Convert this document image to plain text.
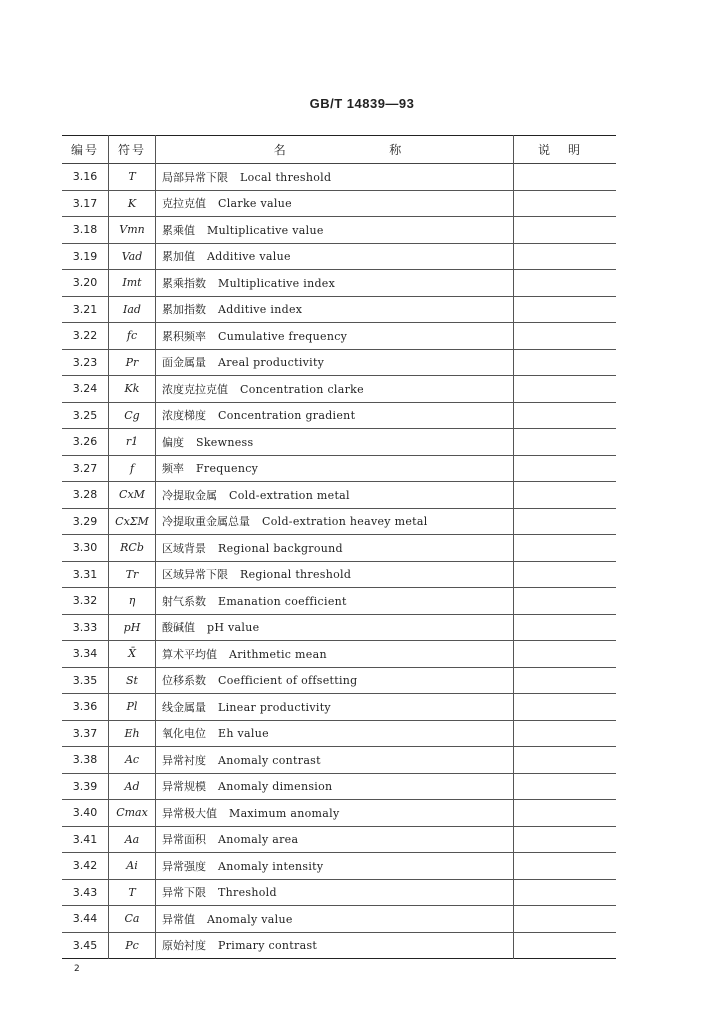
GB/T 14839—93
编号	符号	名 称	说明
3.16	T	局部异常下限 Local threshold	
3.17	K	克拉克值 Clarke value	
3.18	Vmn	累乘值 Multiplicative value	
3.19	Vad	累加值 Additive value	
3.20	Imt	累乘指数 Multiplicative index	
3.21	Iad	累加指数 Additive index	
3.22	fc	累积频率 Cumulative frequency	
3.23	Pr	面金属量 Areal productivity	
3.24	Kk	浓度克拉克值 Concentration clarke	
3.25	Cg	浓度梯度 Concentration gradient	
3.26	r1	偏度 Skewness	
3.27	f	频率 Frequency	
3.28	CxM	冷提取金属 Cold-extration metal	
3.29	CxΣM	冷提取重金属总量 Cold-extration heavey metal	
3.30	RCb	区域背景 Regional background	
3.31	Tr	区域异常下限 Regional threshold	
3.32	η	射气系数 Emanation coefficient	
3.33	pH	酸碱值 pH value	
3.34	X̄	算术平均值 Arithmetic mean	
3.35	St	位移系数 Coefficient of offsetting	
3.36	Pl	线金属量 Linear productivity	
3.37	Eh	氧化电位 Eh value	
3.38	Ac	异常衬度 Anomaly contrast	
3.39	Ad	异常规模 Anomaly dimension	
3.40	Cmax	异常极大值 Maximum anomaly	
3.41	Aa	异常面积 Anomaly area	
3.42	Ai	异常强度 Anomaly intensity	
3.43	T	异常下限 Threshold	
3.44	Ca	异常值 Anomaly value	
3.45	Pc	原始衬度 Primary contrast	
2
